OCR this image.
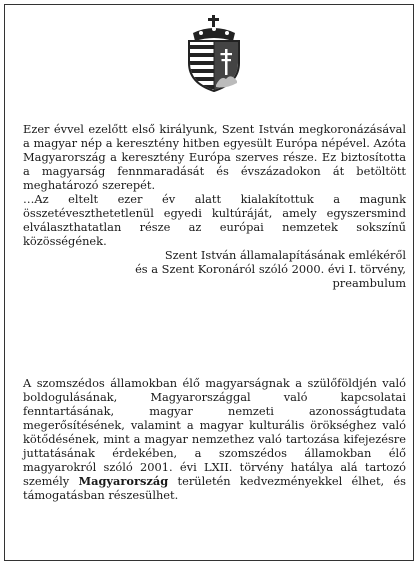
Ezer évvel ezelőtt első királyunk, Szent István megkoronázásával a magyar nép a keresztény hitben egyesült Európa népével. Azóta Magyarország a keresztény Európa szerves része. Ez biztosította a magyarság fennmaradását és évszázadokon át betöltött meghatározó szerepét.

…Az eltelt ezer év alatt kialakítottuk a magunk összetéveszthetetlenül egyedi kultúráját, amely egyszersmind elválaszthatatlan része az európai nemzetek sokszínű közösségének.

Szent István államalapításának emlékéről

és a Szent Koronáról szóló 2000. évi I. törvény,

preambulum

A szomszédos államokban élő magyarságnak a szülőföldjén való boldogulásának, Magyarországgal való kapcsolatai fenntartásának, magyar nemzeti azonosságtudata megerősítésének, valamint a magyar kulturális örökséghez való kötődésének, mint a magyar nemzethez való tartozása kifejezésre juttatásának érdekében, a szomszédos államokban élő magyarokról szóló 2001. évi LXII. törvény hatálya alá tartozó személy Magyarország területén kedvezményekkel élhet, és támogatásban részesülhet.
